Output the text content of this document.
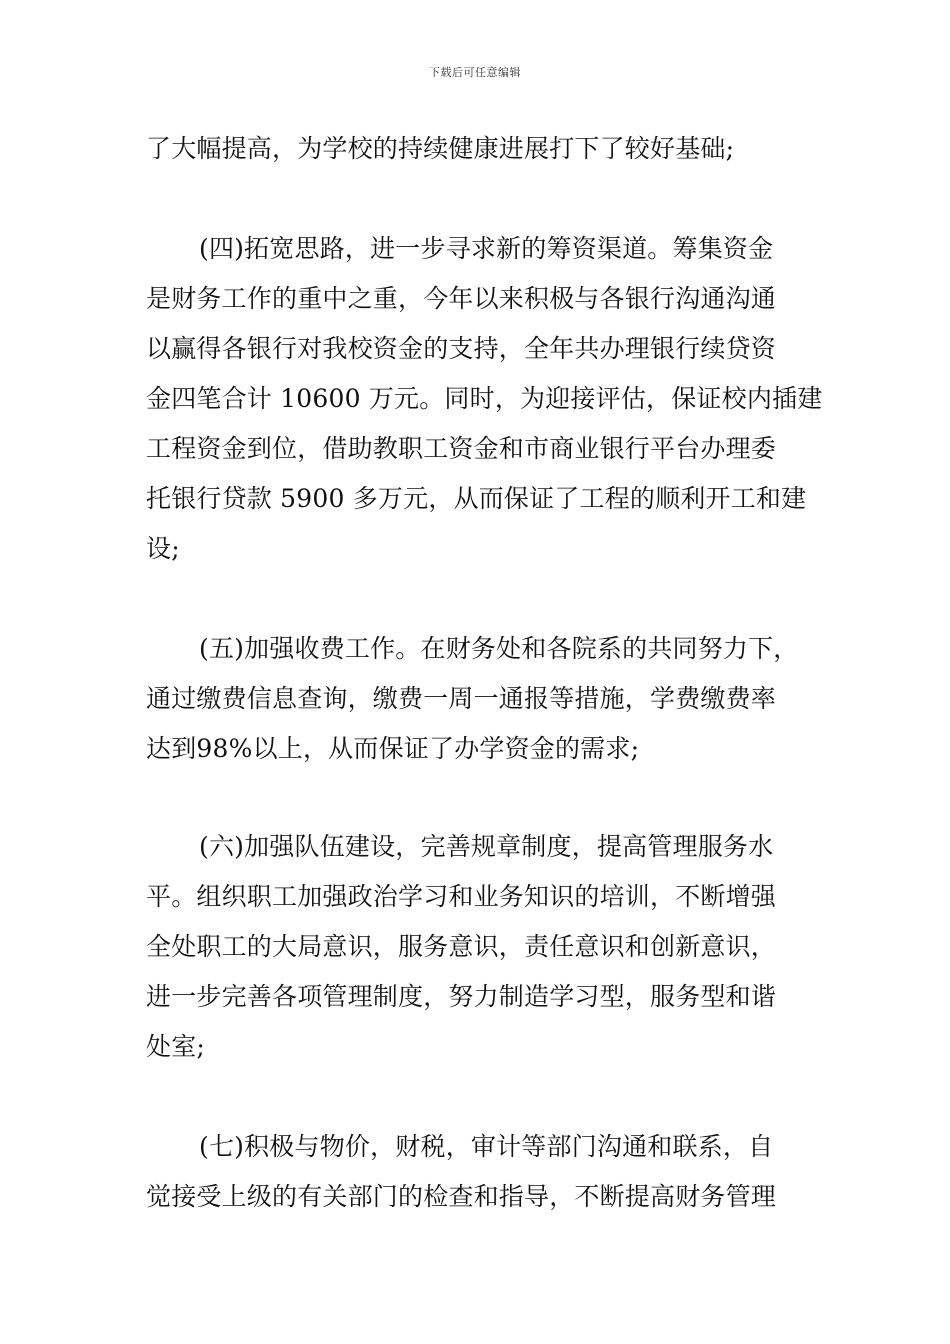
下载后可任意编辑
了大幅提高，为学校的持续健康进展打下了较好基础;
(四)拓宽思路，进一步寻求新的筹资渠道。筹集资金
是财务工作的重中之重，今年以来积极与各银行沟通沟通
以赢得各银行对我校资金的支持，全年共办理银行续贷资
金四笔合计 10600 万元。同时，为迎接评估，保证校内插建
工程资金到位，借助教职工资金和市商业银行平台办理委
托银行贷款 5900 多万元，从而保证了工程的顺利开工和建
设;
(五)加强收费工作。在财务处和各院系的共同努力下，
通过缴费信息查询，缴费一周一通报等措施，学费缴费率
达到98%以上，从而保证了办学资金的需求;
(六)加强队伍建设，完善规章制度，提高管理服务水
平。组织职工加强政治学习和业务知识的培训，不断增强
全处职工的大局意识，服务意识，责任意识和创新意识，
进一步完善各项管理制度，努力制造学习型，服务型和谐
处室;
(七)积极与物价，财税，审计等部门沟通和联系，自
觉接受上级的有关部门的检查和指导，不断提高财务管理
